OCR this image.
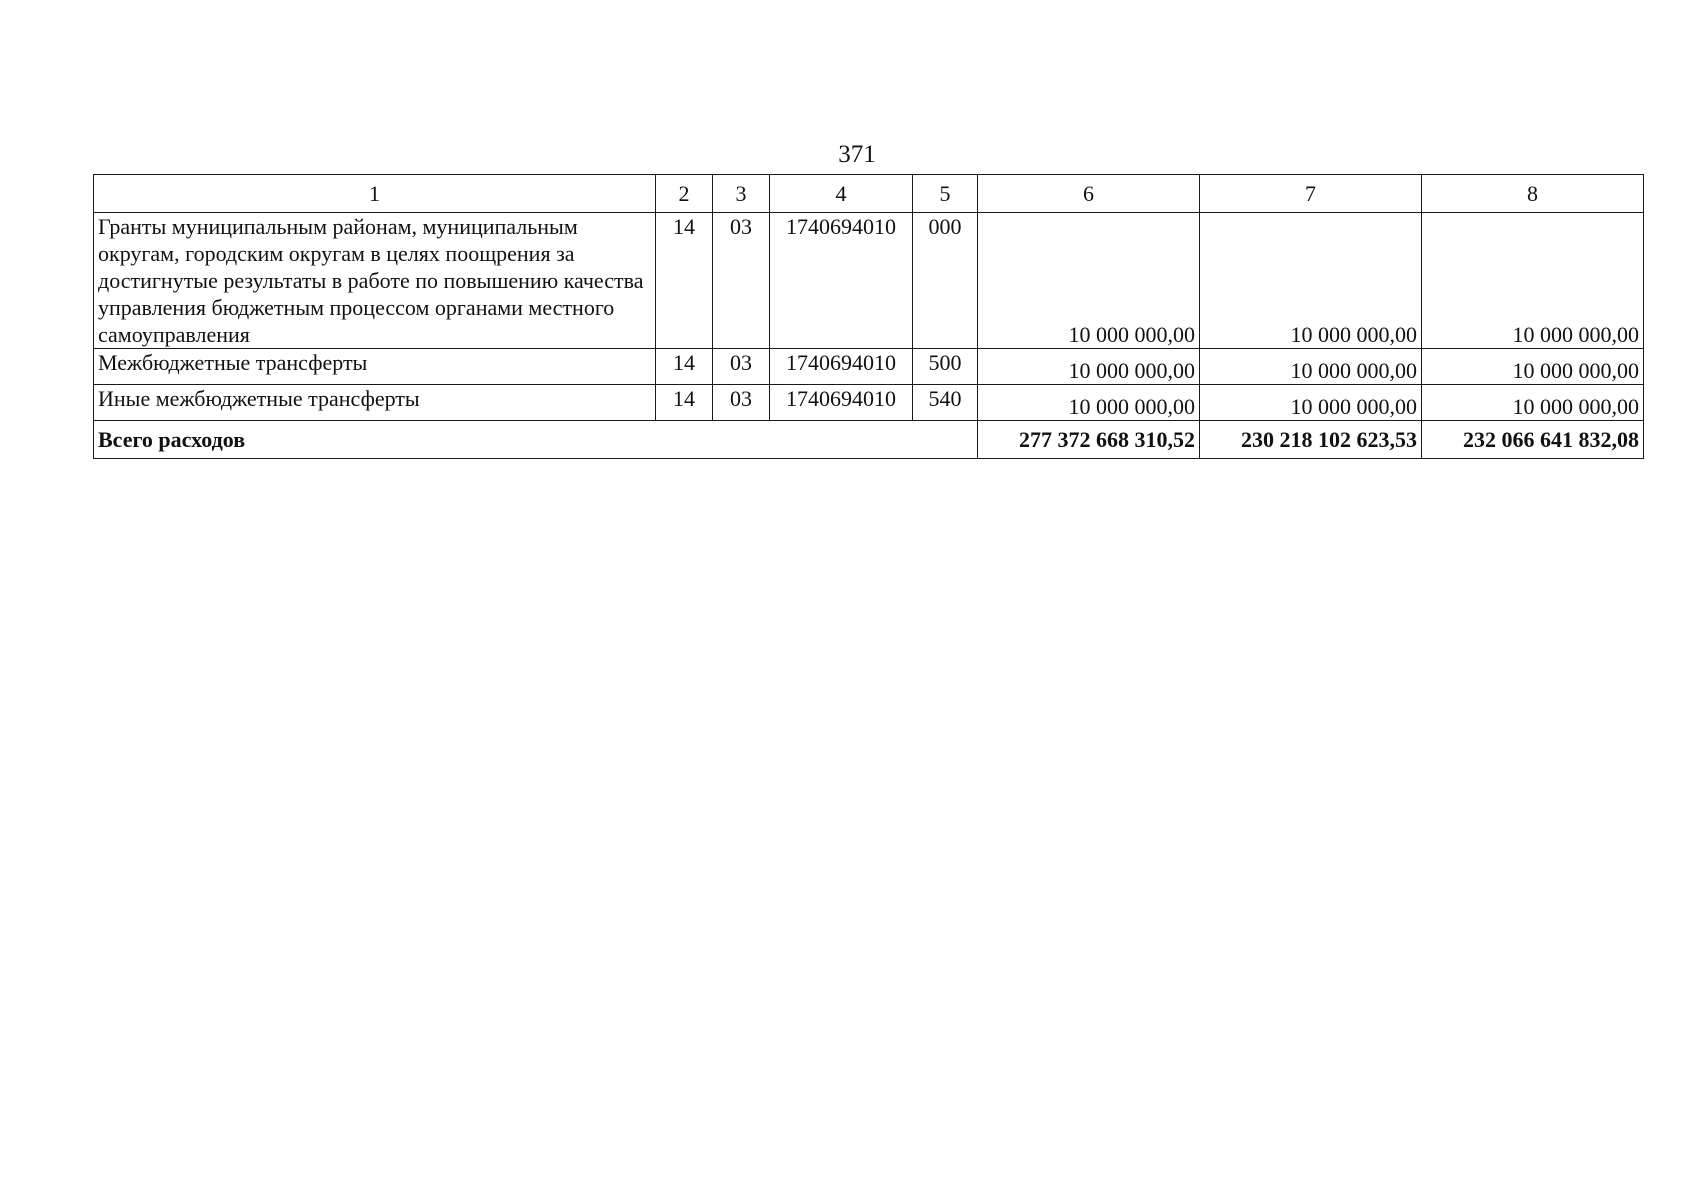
371
1	2	3	4	5	6	7	8
Гранты муниципальным районам, муниципальным округам, городским округам в целях поощрения за достигнутые результаты в работе по повышению качества управления бюджетным процессом органами местного самоуправления	14	03	1740694010	000	10 000 000,00	10 000 000,00	10 000 000,00
Межбюджетные трансферты	14	03	1740694010	500	10 000 000,00	10 000 000,00	10 000 000,00
Иные межбюджетные трансферты	14	03	1740694010	540	10 000 000,00	10 000 000,00	10 000 000,00
Всего расходов					277 372 668 310,52	230 218 102 623,53	232 066 641 832,08
